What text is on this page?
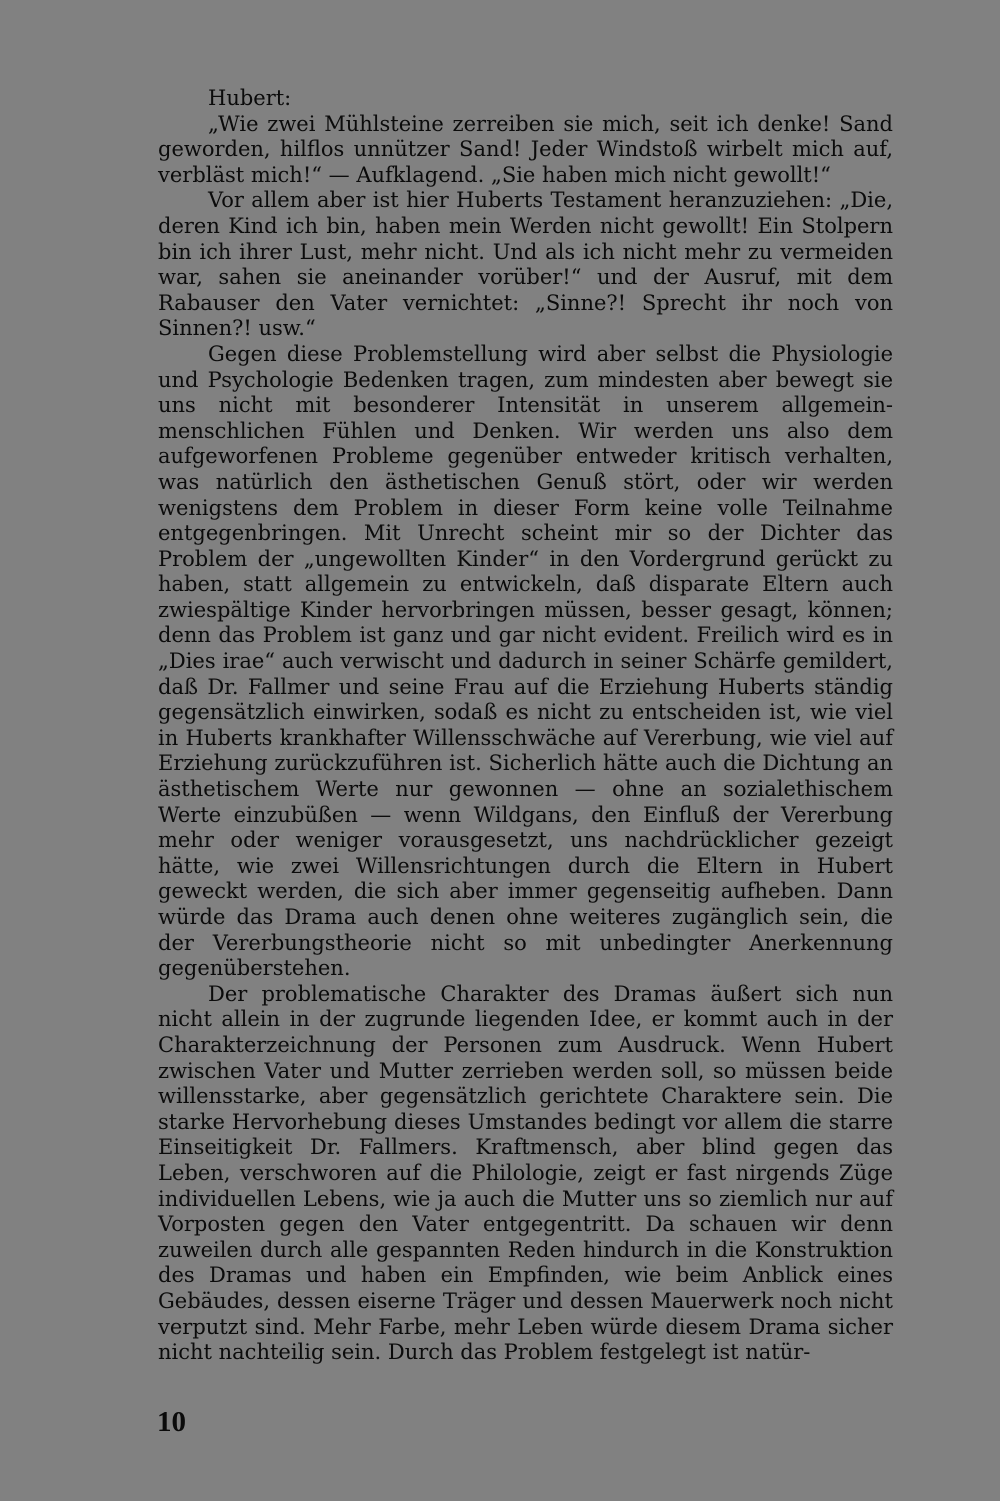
Hubert:

„Wie zwei Mühlsteine zerreiben sie mich, seit ich denke! Sand geworden, hilflos unnützer Sand! Jeder Windstoß wirbelt mich auf, verbläst mich!“ — Aufklagend. „Sie haben mich nicht gewollt!“

Vor allem aber ist hier Huberts Testament heranzuziehen: „Die, deren Kind ich bin, haben mein Werden nicht gewollt! Ein Stolpern bin ich ihrer Lust, mehr nicht. Und als ich nicht mehr zu vermeiden war, sahen sie aneinander vorüber!“ und der Ausruf, mit dem Rabauser den Vater vernichtet: „Sinne?! Sprecht ihr noch von Sinnen?! usw.“

Gegen diese Problemstellung wird aber selbst die Physiologie und Psychologie Bedenken tragen, zum mindesten aber bewegt sie uns nicht mit besonderer Intensität in unserem allgemein-menschlichen Fühlen und Denken. Wir werden uns also dem aufgeworfenen Probleme gegenüber entweder kritisch verhalten, was natürlich den ästhetischen Genuß stört, oder wir werden wenigstens dem Problem in dieser Form keine volle Teilnahme entgegenbringen. Mit Unrecht scheint mir so der Dichter das Problem der „ungewollten Kinder“ in den Vordergrund gerückt zu haben, statt allgemein zu entwickeln, daß disparate Eltern auch zwiespältige Kinder hervorbringen müssen, besser gesagt, können; denn das Problem ist ganz und gar nicht evident. Freilich wird es in „Dies irae“ auch verwischt und dadurch in seiner Schärfe gemildert, daß Dr. Fallmer und seine Frau auf die Erziehung Huberts ständig gegensätzlich einwirken, sodaß es nicht zu entscheiden ist, wie viel in Huberts krankhafter Willensschwäche auf Vererbung, wie viel auf Erziehung zurückzuführen ist. Sicherlich hätte auch die Dichtung an ästhetischem Werte nur gewonnen — ohne an sozialethischem Werte einzubüßen — wenn Wildgans, den Einfluß der Vererbung mehr oder weniger vorausgesetzt, uns nachdrücklicher gezeigt hätte, wie zwei Willensrichtungen durch die Eltern in Hubert geweckt werden, die sich aber immer gegenseitig aufheben. Dann würde das Drama auch denen ohne weiteres zugänglich sein, die der Vererbungstheorie nicht so mit unbedingter Anerkennung gegenüberstehen.

Der problematische Charakter des Dramas äußert sich nun nicht allein in der zugrunde liegenden Idee, er kommt auch in der Charakterzeichnung der Personen zum Ausdruck. Wenn Hubert zwischen Vater und Mutter zerrieben werden soll, so müssen beide willensstarke, aber gegensätzlich gerichtete Charaktere sein. Die starke Hervorhebung dieses Umstandes bedingt vor allem die starre Einseitigkeit Dr. Fallmers. Kraftmensch, aber blind gegen das Leben, verschworen auf die Philologie, zeigt er fast nirgends Züge individuellen Lebens, wie ja auch die Mutter uns so ziemlich nur auf Vorposten gegen den Vater entgegentritt. Da schauen wir denn zuweilen durch alle gespannten Reden hindurch in die Konstruktion des Dramas und haben ein Empfinden, wie beim Anblick eines Gebäudes, dessen eiserne Träger und dessen Mauerwerk noch nicht verputzt sind. Mehr Farbe, mehr Leben würde diesem Drama sicher nicht nachteilig sein. Durch das Problem festgelegt ist natür-

10
